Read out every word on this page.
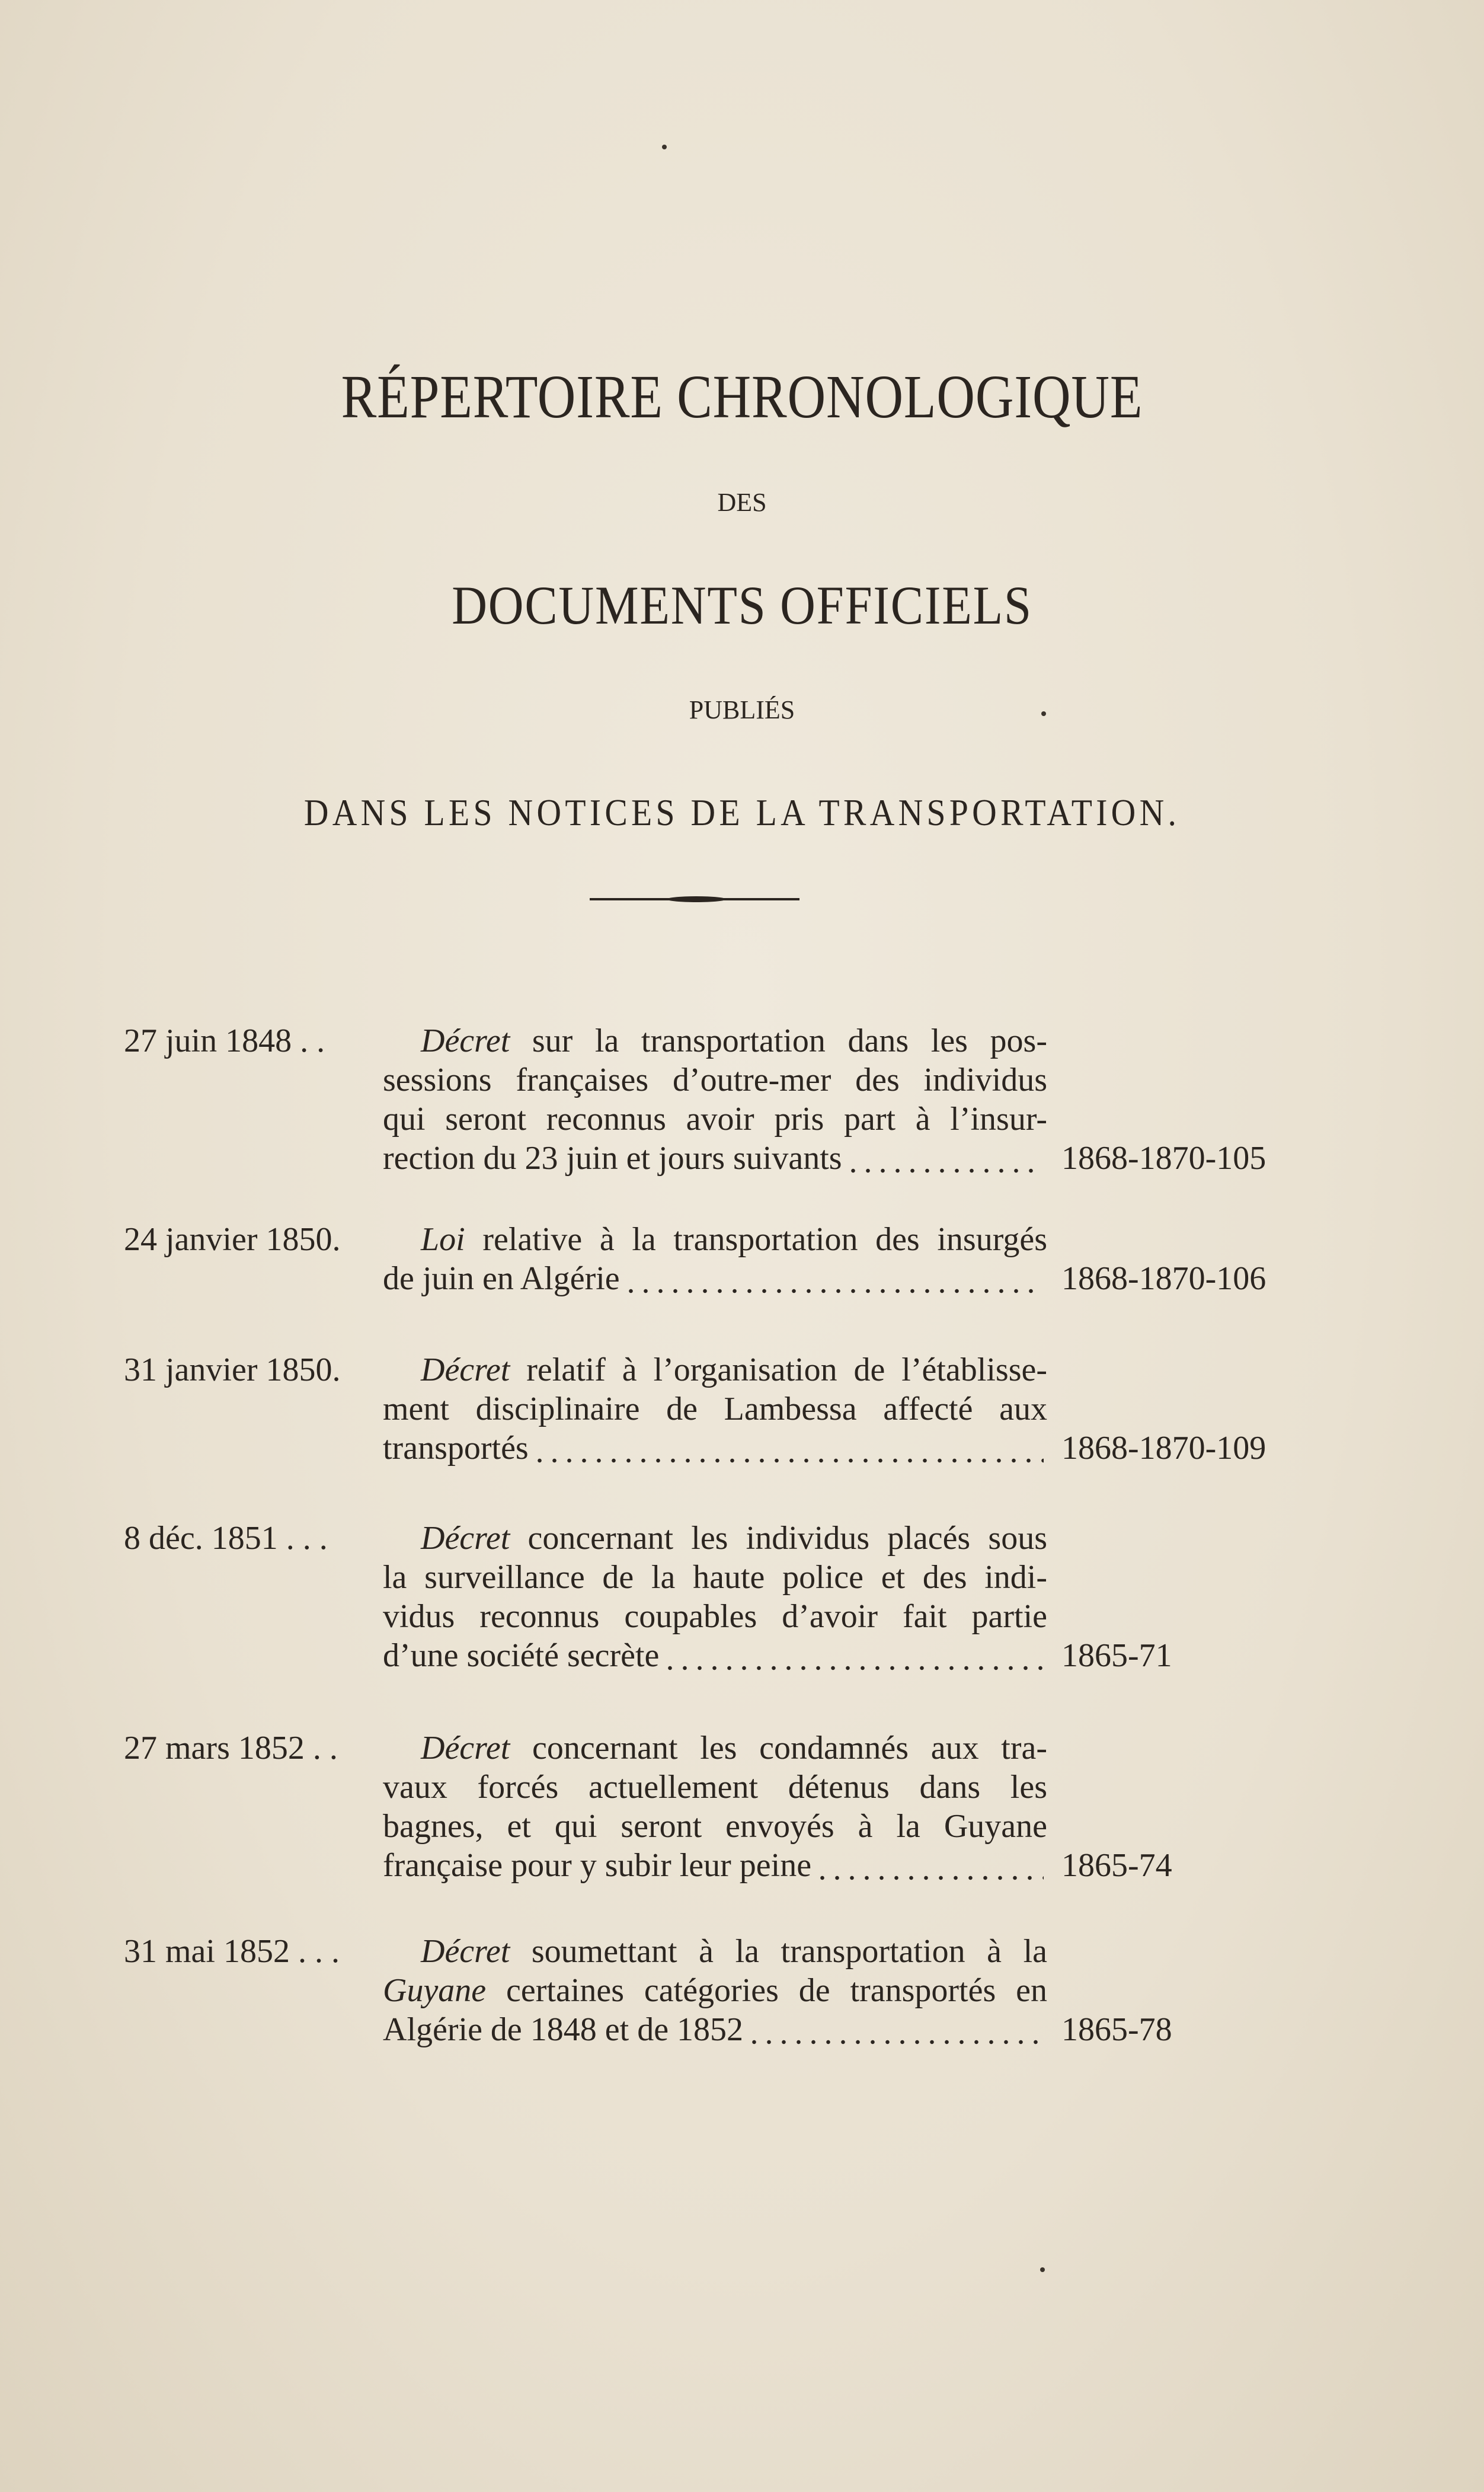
RÉPERTOIRE CHRONOLOGIQUE
DES
DOCUMENTS OFFICIELS
PUBLIÉS
DANS LES NOTICES DE LA TRANSPORTATION.
27 juin 1848 . .	Décret sur la transportation dans les pos-
sessions françaises d’outre-mer des individus
qui seront reconnus avoir pris part à l’insur-
rection du 23 juin et jours suivants	1868-1870-105
24 janvier 1850.	Loi relative à la transportation des insurgés
de juin en Algérie	1868-1870-106
31 janvier 1850.	Décret relatif à l’organisation de l’établisse-
ment disciplinaire de Lambessa affecté aux
transportés	1868-1870-109
8 déc. 1851 . . .	Décret concernant les individus placés sous
la surveillance de la haute police et des indi-
vidus reconnus coupables d’avoir fait partie
d’une société secrète	1865-71
27 mars 1852 . .	Décret concernant les condamnés aux tra-
vaux forcés actuellement détenus dans les
bagnes, et qui seront envoyés à la Guyane
française pour y subir leur peine	1865-74
31 mai 1852 . . .	Décret soumettant à la transportation à la
Guyane certaines catégories de transportés en
Algérie de 1848 et de 1852	1865-78
